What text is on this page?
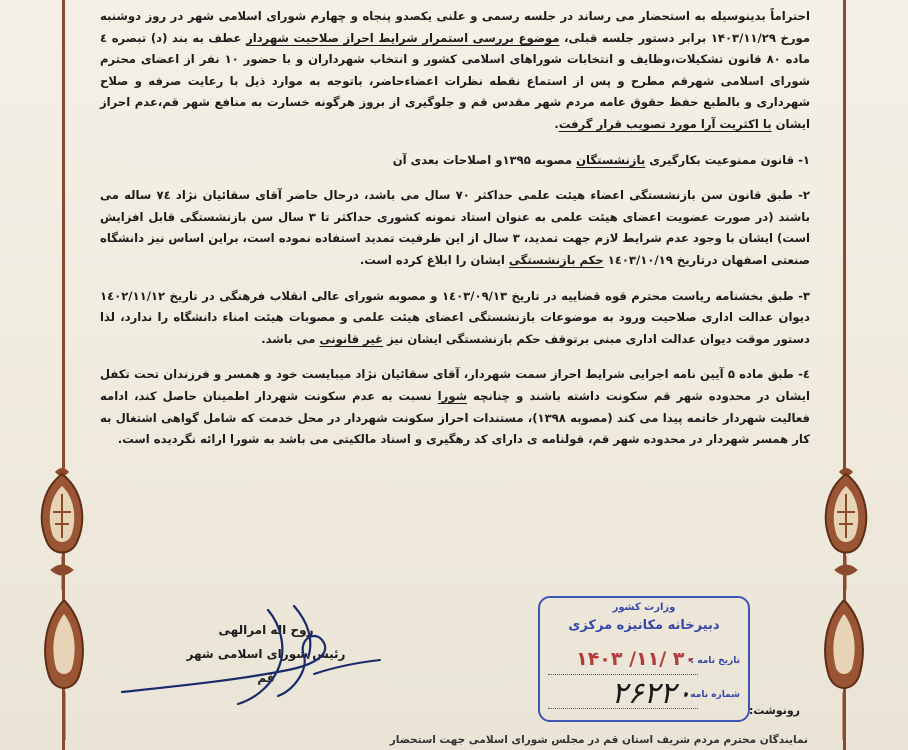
احتراماً بدینوسیله به استحضار می رساند در جلسه رسمی و علنی یکصدو پنجاه و چهارم شورای اسلامی شهر در روز دوشنبه مورخ ۱۴۰۳/۱۱/۲۹ برابر دستور جلسه قبلی، موضوع بررسی استمرار شرایط احراز صلاحیت شهردار عطف به بند (د) تبصره ٤ ماده ۸۰ قانون تشکیلات،وظایف و انتخابات شوراهای اسلامی کشور و انتخاب شهرداران و با حضور ۱۰ نفر از اعضای محترم شورای اسلامی شهرقم مطرح و پس از استماع نقطه نظرات اعضاءحاضر، باتوجه به موارد ذیل با رعایت صرفه و صلاح شهرداری و بالطبع حفظ حقوق عامه مردم شهر مقدس قم و جلوگیری از بروز هرگونه خسارت به منافع شهر قم،عدم احراز ایشان با اکثریت آرا مورد تصویب قرار گرفت.

۱- قانون ممنوعیت بکارگیری بازنشستگان مصوبه ۱۳۹۵و اصلاحات بعدی آن

۲- طبق قانون سن بازنشستگی اعضاء هیئت علمی حداکثر ۷۰ سال می باشد، درحال حاضر آقای سقائیان نژاد ۷٤ ساله می باشند (در صورت عضویت اعضای هیئت علمی به عنوان استاد نمونه کشوری حداکثر تا ۳ سال سن بازنشستگی قابل افزایش است) ایشان با وجود عدم شرایط لازم جهت تمدید، ۳ سال از این ظرفیت تمدید استفاده نموده است، براین اساس نیز دانشگاه صنعتی اصفهان درتاریخ ۱٤۰۳/۱۰/۱۹ حکم بازنشستگی ایشان را ابلاغ کرده است.

۳- طبق بخشنامه ریاست محترم قوه قضاییه در تاریخ ۱٤۰۳/۰۹/۱۳ و مصوبه شورای عالی انقلاب فرهنگی در تاریخ ۱٤۰۲/۱۱/۱۲ دیوان عدالت اداری صلاحیت ورود به موضوعات بازنشستگی اعضای هیئت علمی و مصوبات هیئت امناء دانشگاه را ندارد، لذا دستور موقت دیوان عدالت اداری مبنی برتوقف حکم بازنشستگی ایشان نیز غیر قانونی می باشد.

٤- طبق ماده ۵ آیین نامه اجرایی شرایط احراز سمت شهردار، آقای سقائیان نژاد میبایست خود و همسر و فرزندان تحت تکفل ایشان در محدوده شهر قم سکونت داشته باشند و چنانچه شورا نسبت به عدم سکونت شهردار اطمینان حاصل کند، ادامه فعالیت شهردار خاتمه پیدا می کند (مصوبه ۱۳۹۸)، مستندات احراز سکونت شهردار در محل خدمت که شامل گواهی اشتغال به کار همسر شهردار در محدوده شهر قم، قولنامه ی دارای کد رهگیری و اسناد مالکیتی می باشد به شورا ارائه نگردیده است.

روح اله امرالهی
رئیس شورای اسلامی شهر قم
وزارت کشور
دبیرخانه مکانیزه مرکزی
تاریخ نامه :
۱۴۰۳ /۱۱/ ۳۰
شماره نامه :
۲۶۲۲۰	رونوشت:
نمایندگان محترم مردم شریف استان قم در مجلس شورای اسلامی جهت استحضار
